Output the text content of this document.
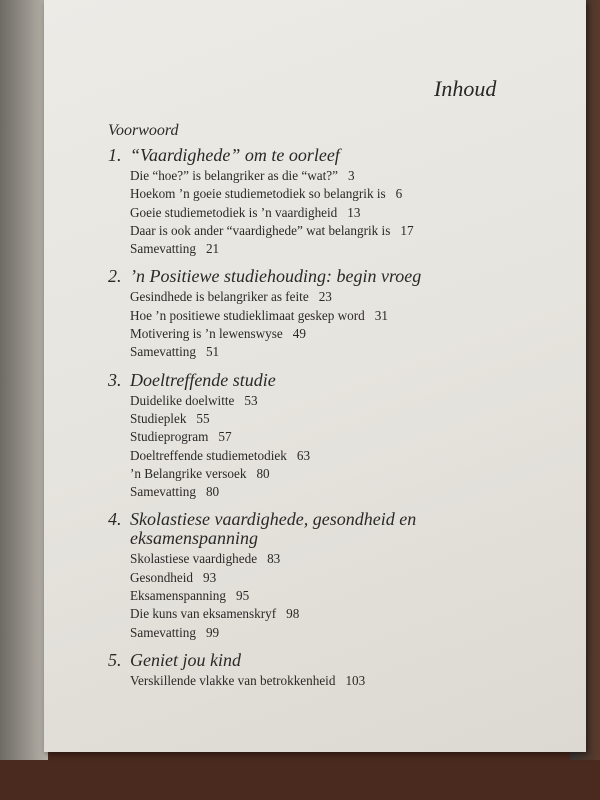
Inhoud
Voorwoord
1. “Vaardighede” om te oorleef
Die “hoe?” is belangriker as die “wat?” 3
Hoekom ’n goeie studiemetodiek so belangrik is 6
Goeie studiemetodiek is ’n vaardigheid 13
Daar is ook ander “vaardighede” wat belangrik is 17
Samevatting 21
2. ’n Positiewe studiehouding: begin vroeg
Gesindhede is belangriker as feite 23
Hoe ’n positiewe studieklimaat geskep word 31
Motivering is ’n lewenswyse 49
Samevatting 51
3. Doeltreffende studie
Duidelike doelwitte 53
Studieplek 55
Studieprogram 57
Doeltreffende studiemetodiek 63
’n Belangrike versoek 80
Samevatting 80
4. Skolastiese vaardighede, gesondheid en eksamenspanning
Skolastiese vaardighede 83
Gesondheid 93
Eksamenspanning 95
Die kuns van eksamenskryf 98
Samevatting 99
5. Geniet jou kind
Verskillende vlakke van betrokkenheid 103
